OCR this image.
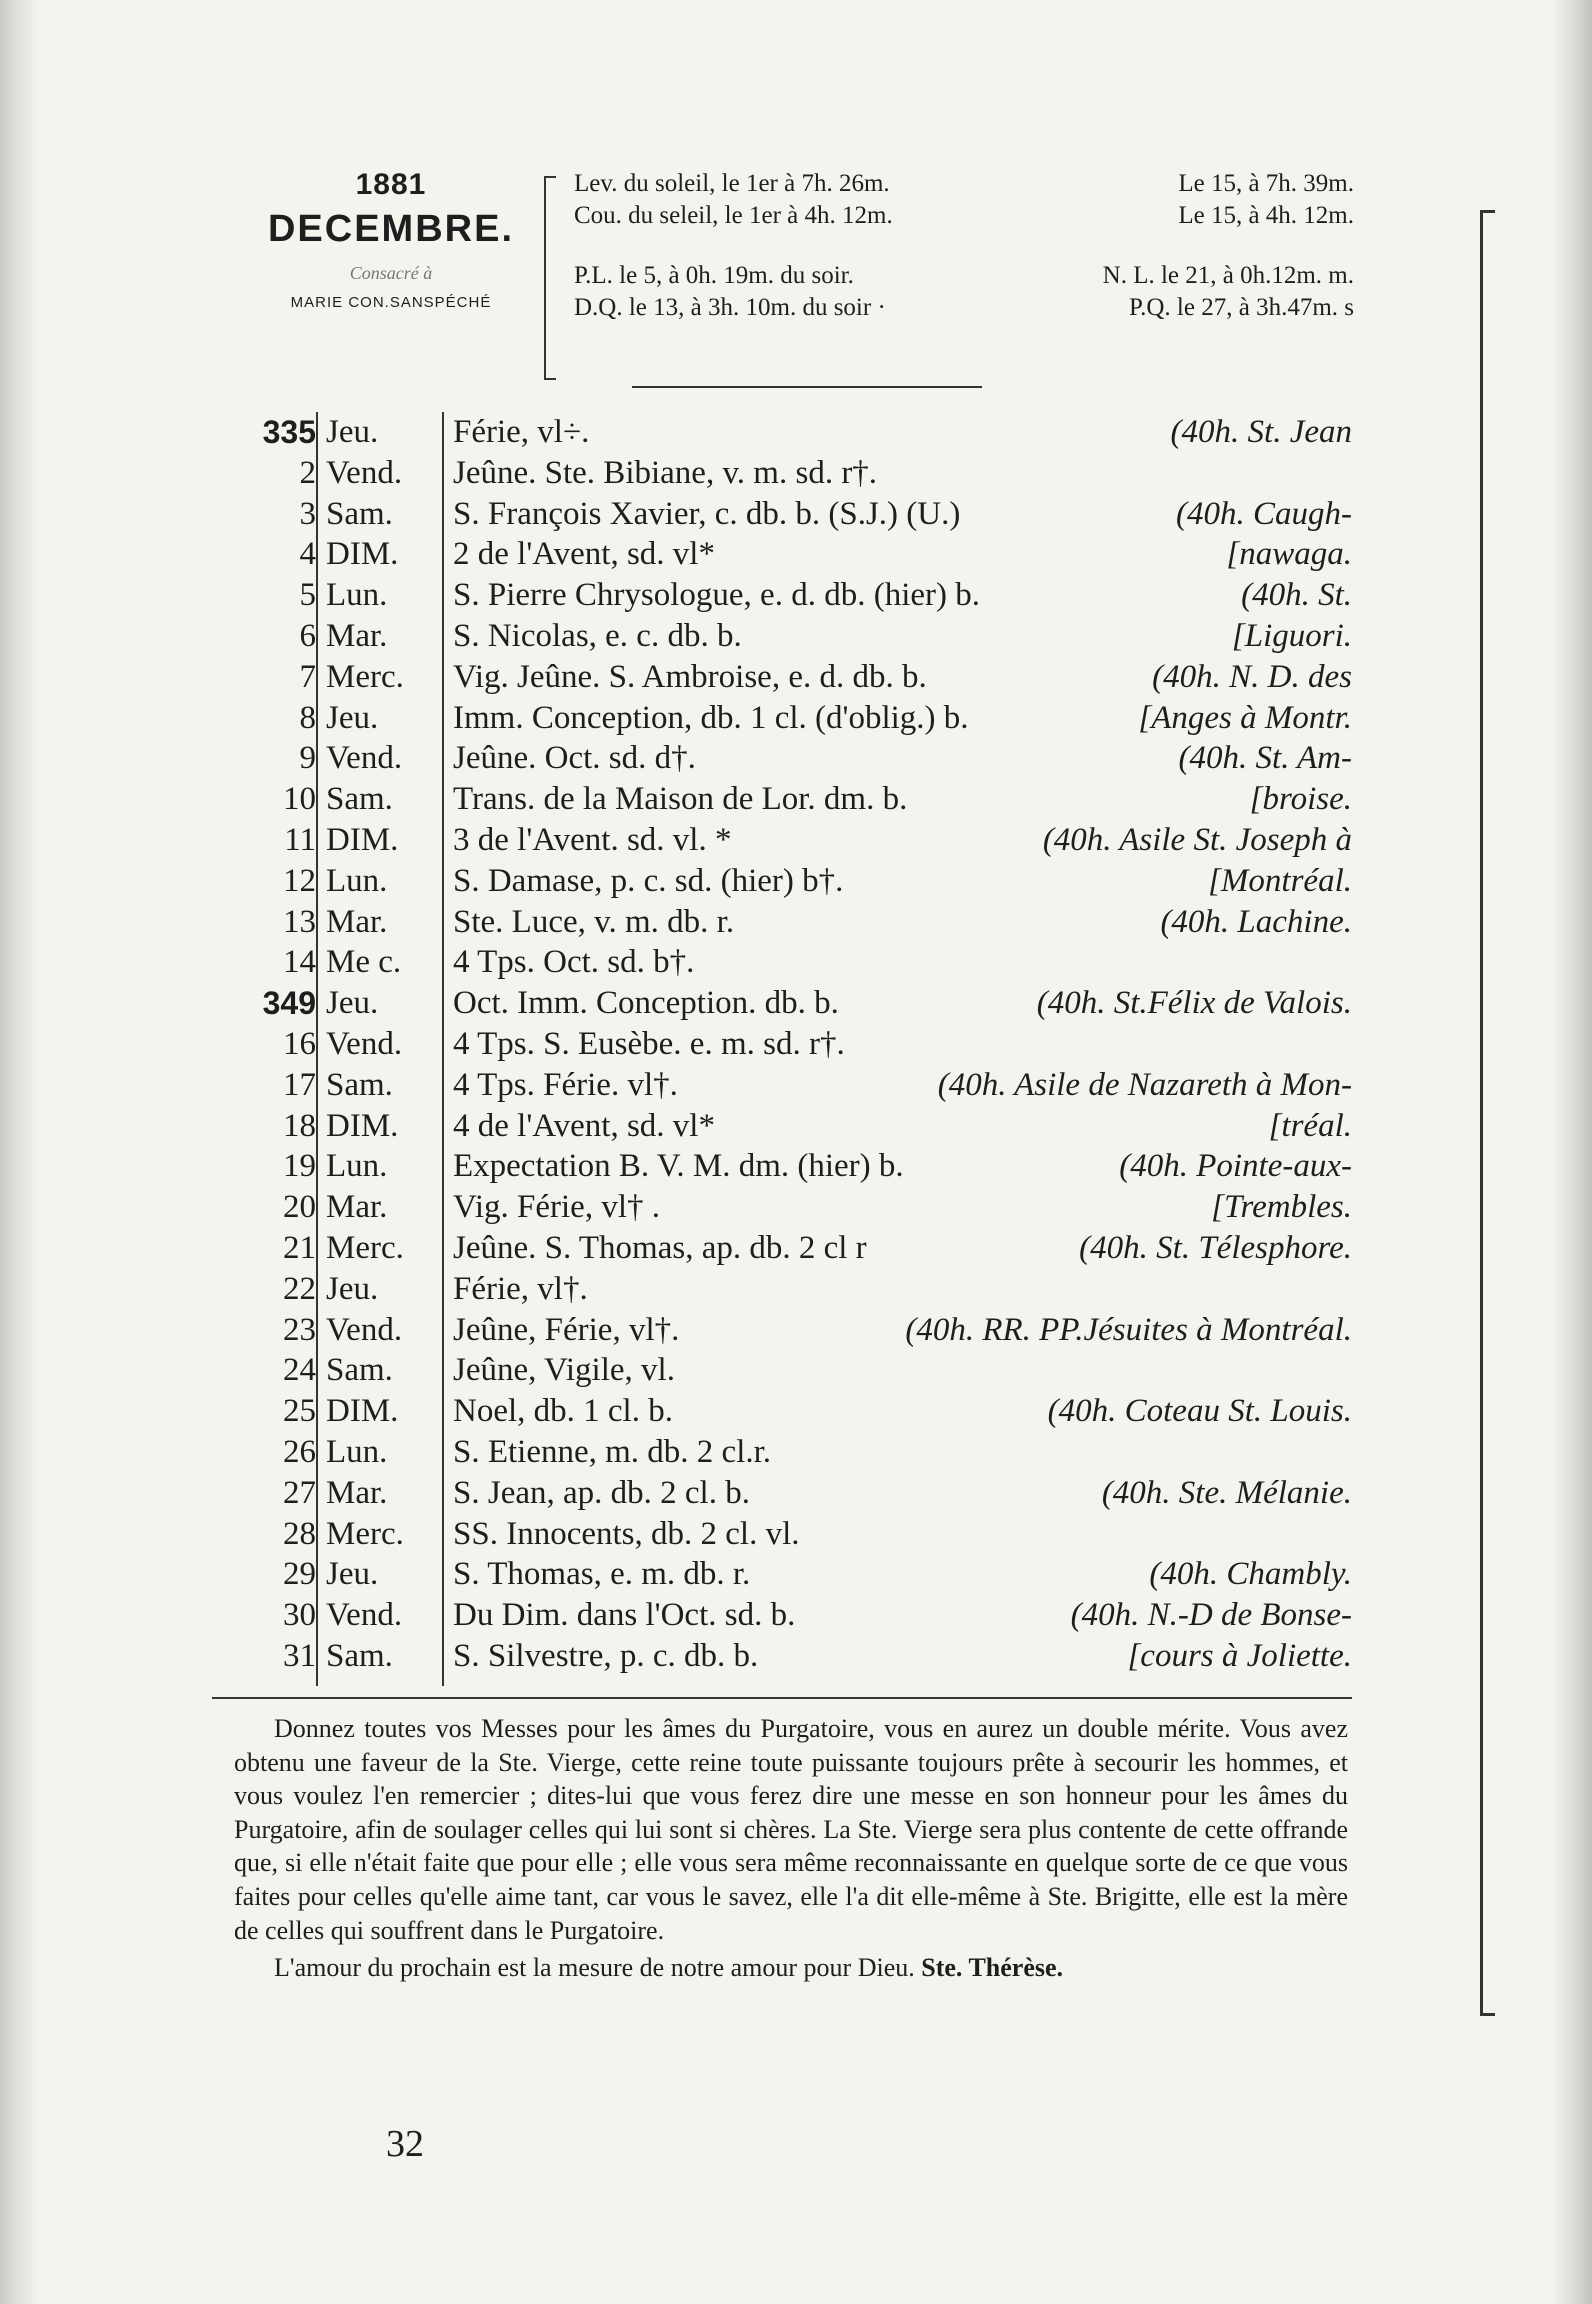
1881
DECEMBRE.
Consacré à
MARIE CON.SANSPÉCHÉ
Lev. du soleil, le 1er à 7h. 26m.	Le 15, à 7h. 39m.
Cou. du seleil, le 1er à 4h. 12m.	Le 15, à 4h. 12m.
P.L. le 5, à 0h. 19m. du soir.	N. L. le 21, à 0h.12m. m.
D.Q. le 13, à 3h. 10m. du soir ·	P.Q. le 27, à 3h.47m. s
335 Jeu.	Férie, vl÷.	(40h. St. Jean
2 Vend.	Jeûne. Ste. Bibiane, v. m. sd. r†.
3 Sam.	S. François Xavier, c. db. b. (S.J.) (U.)	(40h. Caugh-
4 DIM.	2 de l'Avent, sd. vl*	[nawaga.
5 Lun.	S. Pierre Chrysologue, e. d. db. (hier) b.	(40h. St.
6 Mar.	S. Nicolas, e. c. db. b.	[Liguori.
7 Merc.	Vig. Jeûne. S. Ambroise, e. d. db. b.	(40h. N. D. des
8 Jeu.	Imm. Conception, db. 1 cl. (d'oblig.) b.	[Anges à Montr.
9 Vend.	Jeûne. Oct. sd. d†.	(40h. St. Am-
10 Sam.	Trans. de la Maison de Lor. dm. b.	[broise.
11 DIM.	3 de l'Avent. sd. vl. *	(40h. Asile St. Joseph à
12 Lun.	S. Damase, p. c. sd. (hier) b†.	[Montréal.
13 Mar.	Ste. Luce, v. m. db. r.	(40h. Lachine.
14 Me c.	4 Tps. Oct. sd. b†.
349 Jeu.	Oct. Imm. Conception. db. b.	(40h. St.Félix de Valois.
16 Vend.	4 Tps. S. Eusèbe. e. m. sd. r†.
17 Sam.	4 Tps. Férie. vl†.	(40h. Asile de Nazareth à Mon-
18 DIM.	4 de l'Avent, sd. vl*	[tréal.
19 Lun.	Expectation B. V. M. dm. (hier) b.	(40h. Pointe-aux-
20 Mar.	Vig. Férie, vl† .	[Trembles.
21 Merc.	Jeûne. S. Thomas, ap. db. 2 cl r	(40h. St. Télesphore.
22 Jeu.	Férie, vl†.
23 Vend.	Jeûne, Férie, vl†.	(40h. RR. PP.Jésuites à Montréal.
24 Sam.	Jeûne, Vigile, vl.
25 DIM.	Noel, db. 1 cl. b.	(40h. Coteau St. Louis.
26 Lun.	S. Etienne, m. db. 2 cl.r.
27 Mar.	S. Jean, ap. db. 2 cl. b.	(40h. Ste. Mélanie.
28 Merc.	SS. Innocents, db. 2 cl. vl.
29 Jeu.	S. Thomas, e. m. db. r.	(40h. Chambly.
30 Vend.	Du Dim. dans l'Oct. sd. b.	(40h. N.-D de Bonse-
31 Sam.	S. Silvestre, p. c. db. b.	[cours à Joliette.

Donnez toutes vos Messes pour les âmes du Purgatoire, vous en aurez un double mérite. Vous avez obtenu une faveur de la Ste. Vierge, cette reine toute puissante toujours prête à secourir les hommes, et vous voulez l'en remercier ; dites-lui que vous ferez dire une messe en son honneur pour les âmes du Purgatoire, afin de soulager celles qui lui sont si chères. La Ste. Vierge sera plus contente de cette offrande que, si elle n'était faite que pour elle ; elle vous sera même reconnaissante en quelque sorte de ce que vous faites pour celles qu'elle aime tant, car vous le savez, elle l'a dit elle-même à Ste. Brigitte, elle est la mère de celles qui souffrent dans le Purgatoire.

L'amour du prochain est la mesure de notre amour pour Dieu. Ste. Thérèse.

32
